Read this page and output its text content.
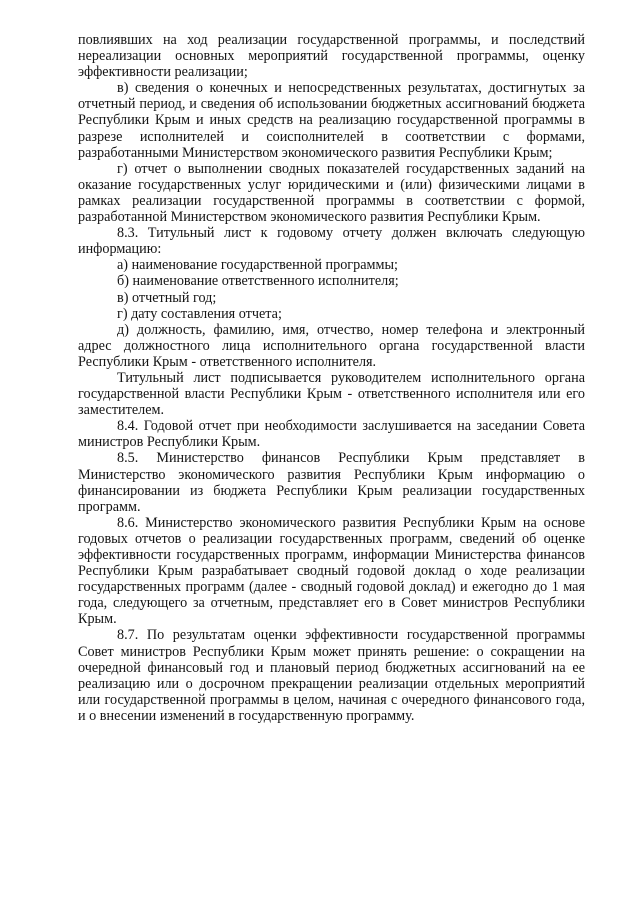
повлиявших на ход реализации государственной программы, и последствий нереализации основных мероприятий государственной программы, оценку эффективности реализации;

в) сведения о конечных и непосредственных результатах, достигнутых за отчетный период, и сведения об использовании бюджетных ассигнований бюджета Республики Крым и иных средств на реализацию государственной программы в разрезе исполнителей и соисполнителей в соответствии с формами, разработанными Министерством экономического развития Республики Крым;

г) отчет о выполнении сводных показателей государственных заданий на оказание государственных услуг юридическими и (или) физическими лицами в рамках реализации государственной программы в соответствии с формой, разработанной Министерством экономического развития Республики Крым.

8.3. Титульный лист к годовому отчету должен включать следующую информацию:

а) наименование государственной программы;

б) наименование ответственного исполнителя;

в) отчетный год;

г) дату составления отчета;

д) должность, фамилию, имя, отчество, номер телефона и электронный адрес должностного лица исполнительного органа государственной власти Республики Крым - ответственного исполнителя.

Титульный лист подписывается руководителем исполнительного органа государственной власти Республики Крым - ответственного исполнителя или его заместителем.

8.4. Годовой отчет при необходимости заслушивается на заседании Совета министров Республики Крым.

8.5. Министерство финансов Республики Крым представляет в Министерство экономического развития Республики Крым информацию о финансировании из бюджета Республики Крым реализации государственных программ.

8.6. Министерство экономического развития Республики Крым на основе годовых отчетов о реализации государственных программ, сведений об оценке эффективности государственных программ, информации Министерства финансов Республики Крым разрабатывает сводный годовой доклад о ходе реализации государственных программ (далее - сводный годовой доклад) и ежегодно до 1 мая года, следующего за отчетным, представляет его в Совет министров Республики Крым.

8.7. По результатам оценки эффективности государственной программы Совет министров Республики Крым может принять решение: о сокращении на очередной финансовый год и плановый период бюджетных ассигнований на ее реализацию или о досрочном прекращении реализации отдельных мероприятий или государственной программы в целом, начиная с очередного финансового года, и о внесении изменений в государственную программу.
